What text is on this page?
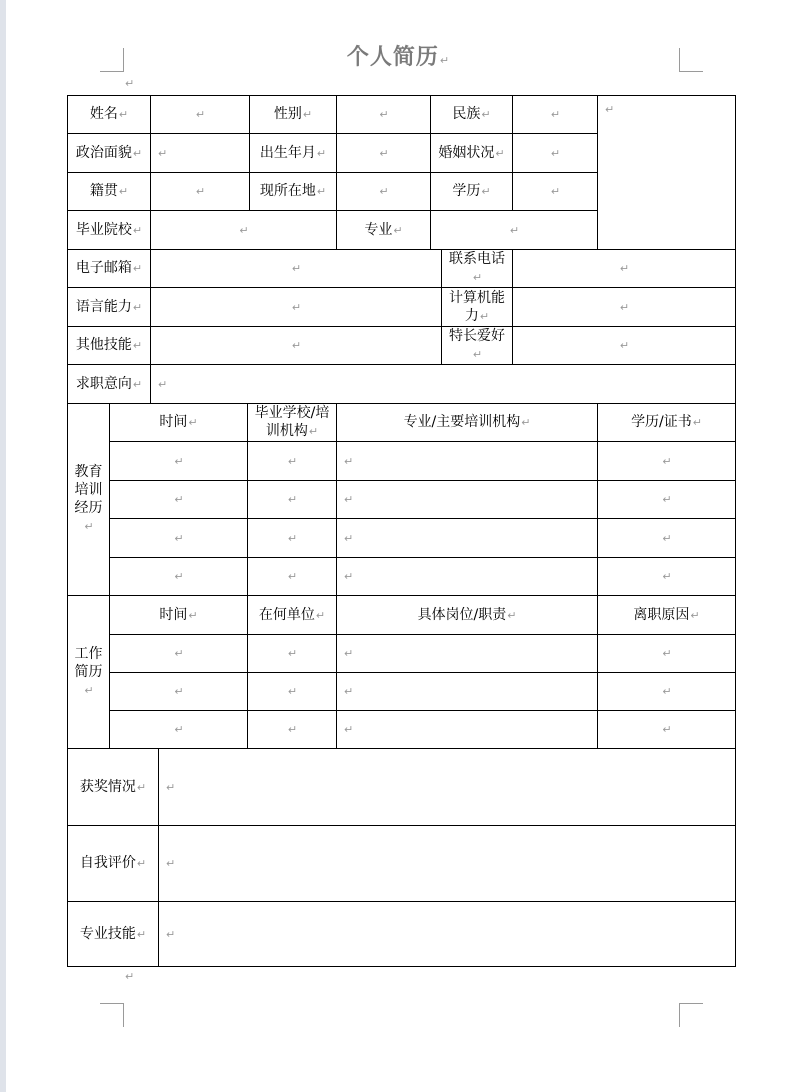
个人简历↵
↵
姓名↵		↵			性别↵	↵	民族↵		↵	↵
政治面貌↵		↵			出生年月↵	↵	婚姻状况↵		↵	
籍贯↵		↵			现所在地↵	↵	学历↵		↵	
毕业院校↵		↵				专业↵	↵			
电子邮箱↵		↵						联系电话↵	↵	
语言能力↵		↵						计算机能力↵	↵	
其他技能↵		↵						特长爱好↵	↵	
求职意向↵		↵								
教育
培训
经历↵	时间↵			毕业学校/培训机构↵		专业/主要培训机构↵				学历/证书↵
	↵			↵		↵				↵
	↵			↵		↵				↵
	↵			↵		↵				↵
	↵			↵		↵				↵
工作
简历↵	时间↵			在何单位↵		具体岗位/职责↵				离职原因↵
	↵			↵		↵				↵
	↵			↵		↵				↵
	↵			↵		↵				↵
获奖情况↵			↵							
自我评价↵			↵							
专业技能↵			↵							
↵
